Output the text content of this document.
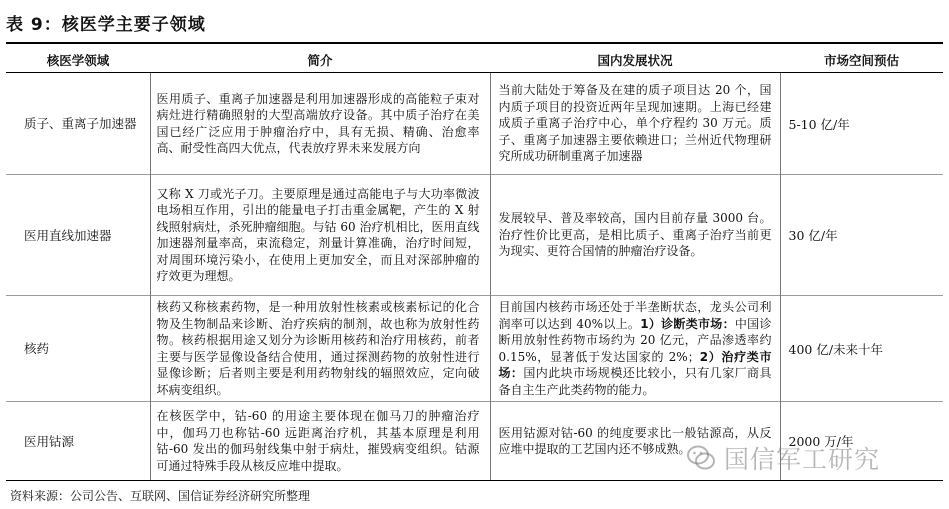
表 9：核医学主要子领域
核医学领域	简介	国内发展状况	市场空间预估
质子、重离子加速器	医用质子、重离子加速器是利用加速器形成的高能粒子束对病灶进行精确照射的大型高端放疗设备。其中质子治疗在美国已经广泛应用于肿瘤治疗中，具有无损、精确、治愈率高、耐受性高四大优点，代表放疗界未来发展方向	当前大陆处于筹备及在建的质子项目达 20 个，国内质子项目的投资近两年呈现加速期。上海已经建成质子重离子治疗中心，单个疗程约 30 万元。质子、重离子加速器主要依赖进口；兰州近代物理研究所成功研制重离子加速器	5-10 亿/年
医用直线加速器	又称 X 刀或光子刀。主要原理是通过高能电子与大功率微波电场相互作用，引出的能量电子打击重金属靶，产生的 X 射线照射病灶，杀死肿瘤细胞。与钴 60 治疗机相比，医用直线加速器剂量率高，束流稳定，剂量计算准确，治疗时间短，对周围环境污染小，在使用上更加安全，而且对深部肿瘤的疗效更为理想。	发展较早、普及率较高，国内目前存量 3000 台。治疗性价比更高，是相比质子、重离子治疗当前更为现实、更符合国情的肿瘤治疗设备。	30 亿/年
核药	核药又称核素药物，是一种用放射性核素或核素标记的化合物及生物制品来诊断、治疗疾病的制剂，故也称为放射性药物。核药根据用途又划分为诊断用核药和治疗用核药，前者主要与医学显像设备结合使用，通过探测药物的放射性进行显像诊断；后者则主要是利用药物射线的辐照效应，定向破坏病变组织。	目前国内核药市场还处于半垄断状态，龙头公司利润率可以达到 40%以上。1）诊断类市场：中国诊断用放射性药物市场约为 20 亿元，产品渗透率约 0.15%，显著低于发达国家的 2%；2）治疗类市场：国内此块市场规模还比较小，只有几家厂商具备自主生产此类药物的能力。	400 亿/未来十年
医用钴源	在核医学中，钴-60 的用途主要体现在伽马刀的肿瘤治疗中，伽玛刀也称钴-60 远距离治疗机，其基本原理是利用钴-60 发出的伽玛射线集中射于病灶，摧毁病变组织。钴源可通过特殊手段从核反应堆中提取。	医用钴源对钴-60 的纯度要求比一般钴源高，从反应堆中提取的工艺国内还不够成熟。	2000 万/年
资料来源：公司公告、互联网、国信证券经济研究所整理
国信军工研究
